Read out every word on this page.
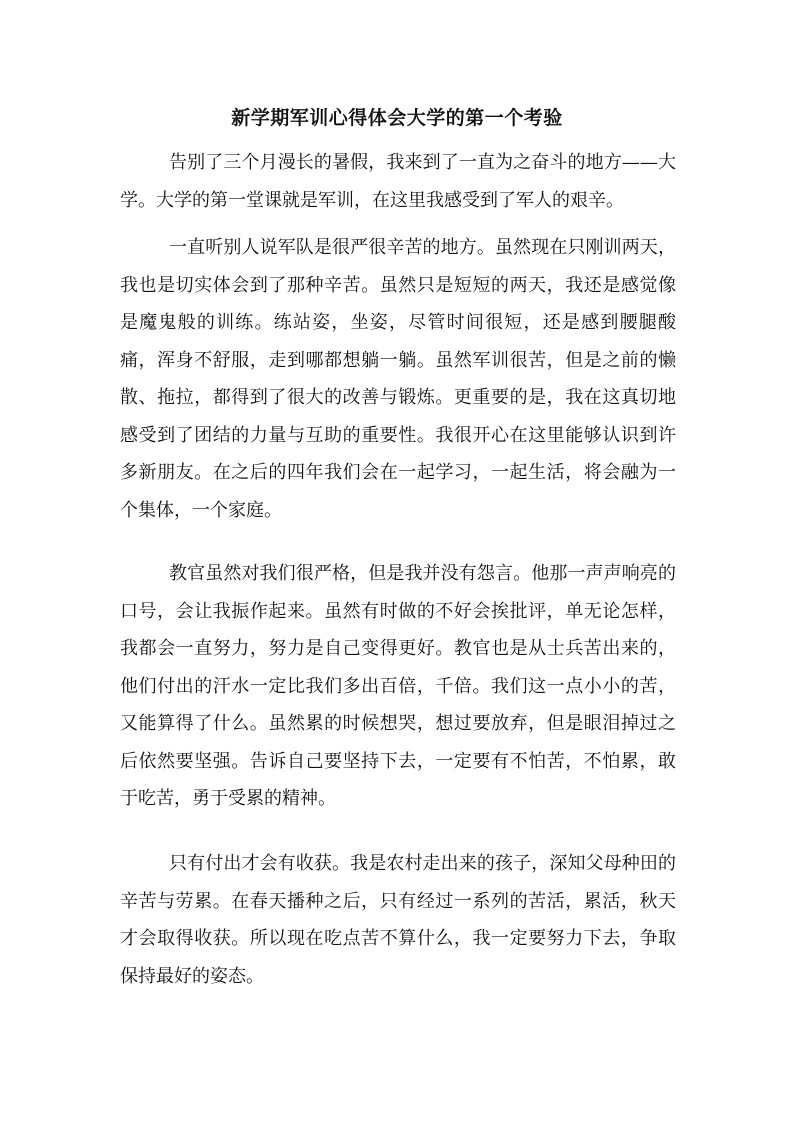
新学期军训心得体会大学的第一个考验

告别了三个月漫长的暑假，我来到了一直为之奋斗的地方——大学。大学的第一堂课就是军训，在这里我感受到了军人的艰辛。

一直听别人说军队是很严很辛苦的地方。虽然现在只刚训两天，我也是切实体会到了那种辛苦。虽然只是短短的两天，我还是感觉像是魔鬼般的训练。练站姿，坐姿，尽管时间很短，还是感到腰腿酸痛，浑身不舒服，走到哪都想躺一躺。虽然军训很苦，但是之前的懒散、拖拉，都得到了很大的改善与锻炼。更重要的是，我在这真切地感受到了团结的力量与互助的重要性。我很开心在这里能够认识到许多新朋友。在之后的四年我们会在一起学习，一起生活，将会融为一个集体，一个家庭。

教官虽然对我们很严格，但是我并没有怨言。他那一声声响亮的口号，会让我振作起来。虽然有时做的不好会挨批评，单无论怎样，我都会一直努力，努力是自己变得更好。教官也是从士兵苦出来的，他们付出的汗水一定比我们多出百倍，千倍。我们这一点小小的苦，又能算得了什么。虽然累的时候想哭，想过要放弃，但是眼泪掉过之后依然要坚强。告诉自己要坚持下去，一定要有不怕苦，不怕累，敢于吃苦，勇于受累的精神。

只有付出才会有收获。我是农村走出来的孩子，深知父母种田的辛苦与劳累。在春天播种之后，只有经过一系列的苦活，累活，秋天才会取得收获。所以现在吃点苦不算什么，我一定要努力下去，争取保持最好的姿态。
